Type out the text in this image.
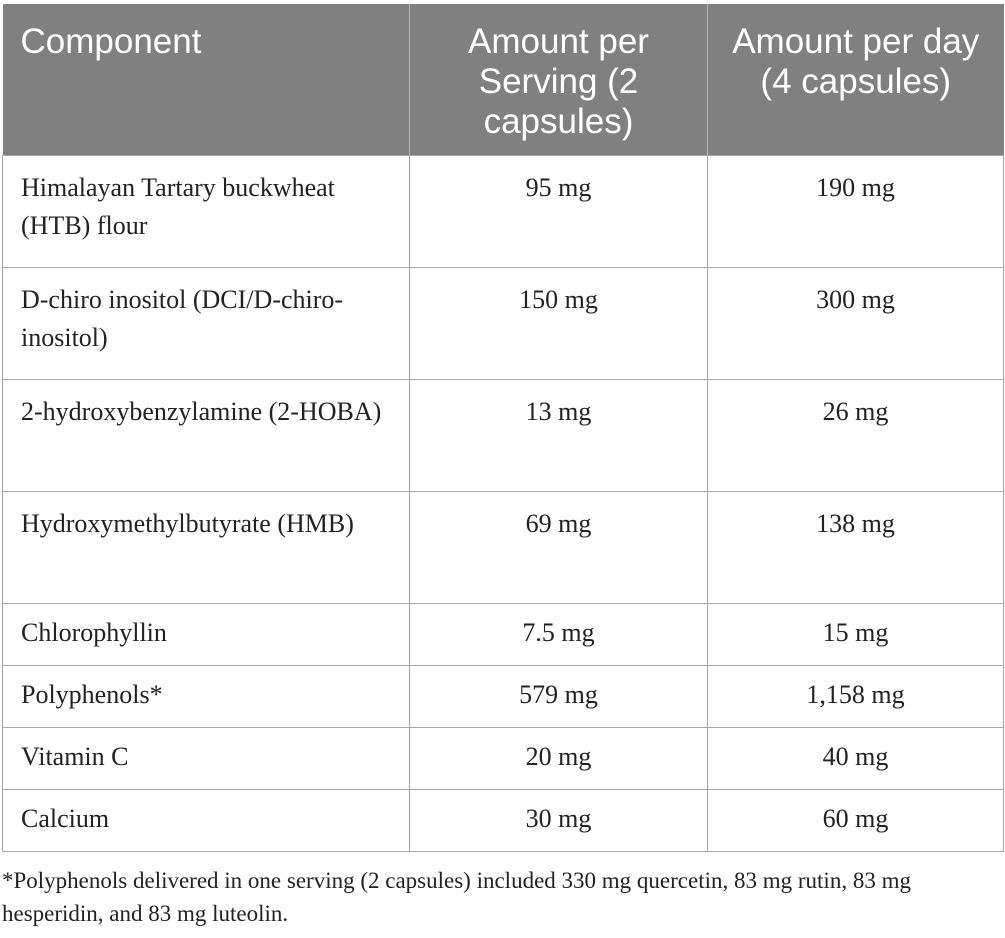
Component	Amount per Serving (2 capsules)	Amount per day (4 capsules)
Himalayan Tartary buckwheat (HTB) flour	95 mg	190 mg
D-chiro inositol (DCI/D-chiro-inositol)	150 mg	300 mg
2-hydroxybenzylamine (2-HOBA)	13 mg	26 mg
Hydroxymethylbutyrate (HMB)	69 mg	138 mg
Chlorophyllin	7.5 mg	15 mg
Polyphenols*	579 mg	1,158 mg
Vitamin C	20 mg	40 mg
Calcium	30 mg	60 mg
*Polyphenols delivered in one serving (2 capsules) included 330 mg quercetin, 83 mg rutin, 83 mg hesperidin, and 83 mg luteolin.
